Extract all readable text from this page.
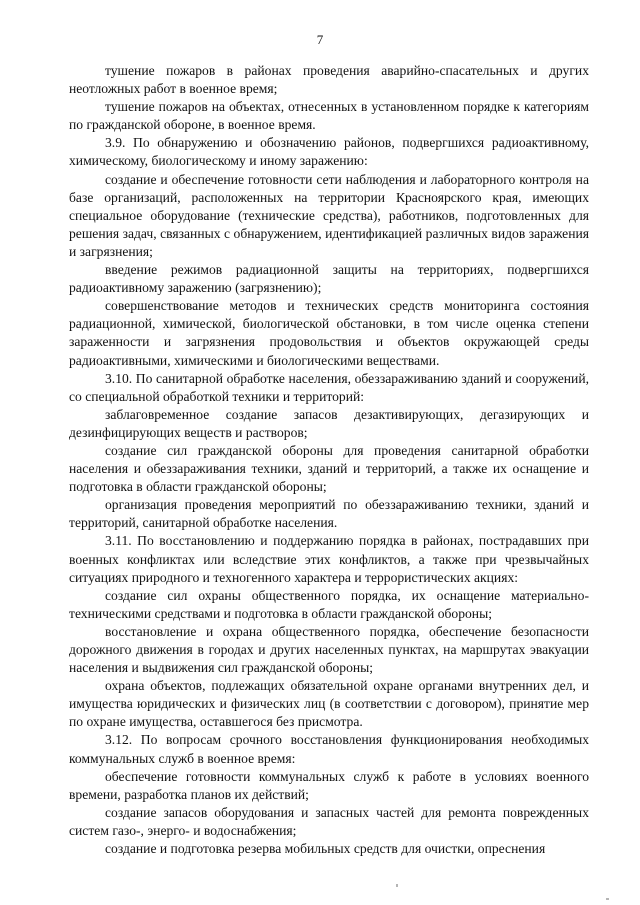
7

тушение пожаров в районах проведения аварийно-спасательных и других неотложных работ в военное время;

тушение пожаров на объектах, отнесенных в установленном порядке к категориям по гражданской обороне, в военное время.

3.9. По обнаружению и обозначению районов, подвергшихся радиоактивному, химическому, биологическому и иному заражению:

создание и обеспечение готовности сети наблюдения и лабораторного контроля на базе организаций, расположенных на территории Красноярского края, имеющих специальное оборудование (технические средства), работников, подготовленных для решения задач, связанных с обнаружением, идентификацией различных видов заражения и загрязнения;

введение режимов радиационной защиты на территориях, подвергшихся радиоактивному заражению (загрязнению);

совершенствование методов и технических средств мониторинга состояния радиационной, химической, биологической обстановки, в том числе оценка степени зараженности и загрязнения продовольствия и объектов окружающей среды радиоактивными, химическими и биологическими веществами.

3.10. По санитарной обработке населения, обеззараживанию зданий и сооружений, со специальной обработкой техники и территорий:

заблаговременное создание запасов дезактивирующих, дегазирующих и дезинфицирующих веществ и растворов;

создание сил гражданской обороны для проведения санитарной обработки населения и обеззараживания техники, зданий и территорий, а также их оснащение и подготовка в области гражданской обороны;

организация проведения мероприятий по обеззараживанию техники, зданий и территорий, санитарной обработке населения.

3.11. По восстановлению и поддержанию порядка в районах, пострадавших при военных конфликтах или вследствие этих конфликтов, а также при чрезвычайных ситуациях природного и техногенного характера и террористических акциях:

создание сил охраны общественного порядка, их оснащение материально-техническими средствами и подготовка в области гражданской обороны;

восстановление и охрана общественного порядка, обеспечение безопасности дорожного движения в городах и других населенных пунктах, на маршрутах эвакуации населения и выдвижения сил гражданской обороны;

охрана объектов, подлежащих обязательной охране органами внутренних дел, и имущества юридических и физических лиц (в соответствии с договором), принятие мер по охране имущества, оставшегося без присмотра.

3.12. По вопросам срочного восстановления функционирования необходимых коммунальных служб в военное время:

обеспечение готовности коммунальных служб к работе в условиях военного времени, разработка планов их действий;

создание запасов оборудования и запасных частей для ремонта поврежденных систем газо-, энерго- и водоснабжения;

создание и подготовка резерва мобильных средств для очистки, опреснения
